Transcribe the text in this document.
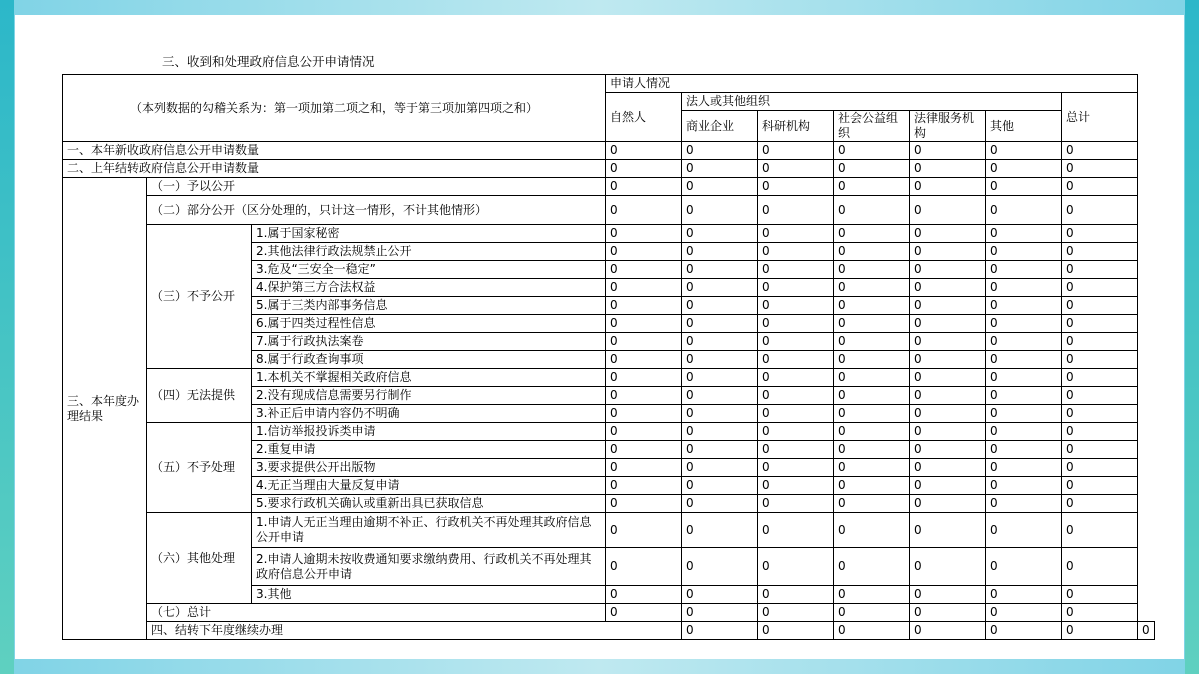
三、收到和处理政府信息公开申请情况
（本列数据的勾稽关系为：第一项加第二项之和，等于第三项加第四项之和）			申请人情况							
			自然人	法人或其他组织					总计	
				商业企业	科研机构	社会公益组织	法律服务机构	其他		

一、本年新收政府信息公开申请数量			0	0	0	0	0	0	0	
二、上年结转政府信息公开申请数量			0	0	0	0	0	0	0	
三、本年度办理结果	（一）予以公开		0	0	0	0	0	0	0	
	（二）部分公开（区分处理的，只计这一情形，不计其他情形）		0	0	0	0	0	0	0	
	（三）不予公开	1.属于国家秘密	0	0	0	0	0	0	0	
		2.其他法律行政法规禁止公开	0	0	0	0	0	0	0	
		3.危及“三安全一稳定”	0	0	0	0	0	0	0	
		4.保护第三方合法权益	0	0	0	0	0	0	0	
		5.属于三类内部事务信息	0	0	0	0	0	0	0	
		6.属于四类过程性信息	0	0	0	0	0	0	0	
		7.属于行政执法案卷	0	0	0	0	0	0	0	
		8.属于行政查询事项	0	0	0	0	0	0	0	
	（四）无法提供	1.本机关不掌握相关政府信息	0	0	0	0	0	0	0	
		2.没有现成信息需要另行制作	0	0	0	0	0	0	0	
		3.补正后申请内容仍不明确	0	0	0	0	0	0	0	
	（五）不予处理	1.信访举报投诉类申请	0	0	0	0	0	0	0	
		2.重复申请	0	0	0	0	0	0	0	
		3.要求提供公开出版物	0	0	0	0	0	0	0	
		4.无正当理由大量反复申请	0	0	0	0	0	0	0	
		5.要求行政机关确认或重新出具已获取信息	0	0	0	0	0	0	0	
	（六）其他处理	1.申请人无正当理由逾期不补正、行政机关不再处理其政府信息公开申请	0	0	0	0	0	0	0	
		2.申请人逾期未按收费通知要求缴纳费用、行政机关不再处理其政府信息公开申请	0	0	0	0	0	0	0	
		3.其他	0	0	0	0	0	0	0	
	（七）总计		0	0	0	0	0	0	0	
	四、结转下年度继续办理			0	0	0	0	0	0	0
